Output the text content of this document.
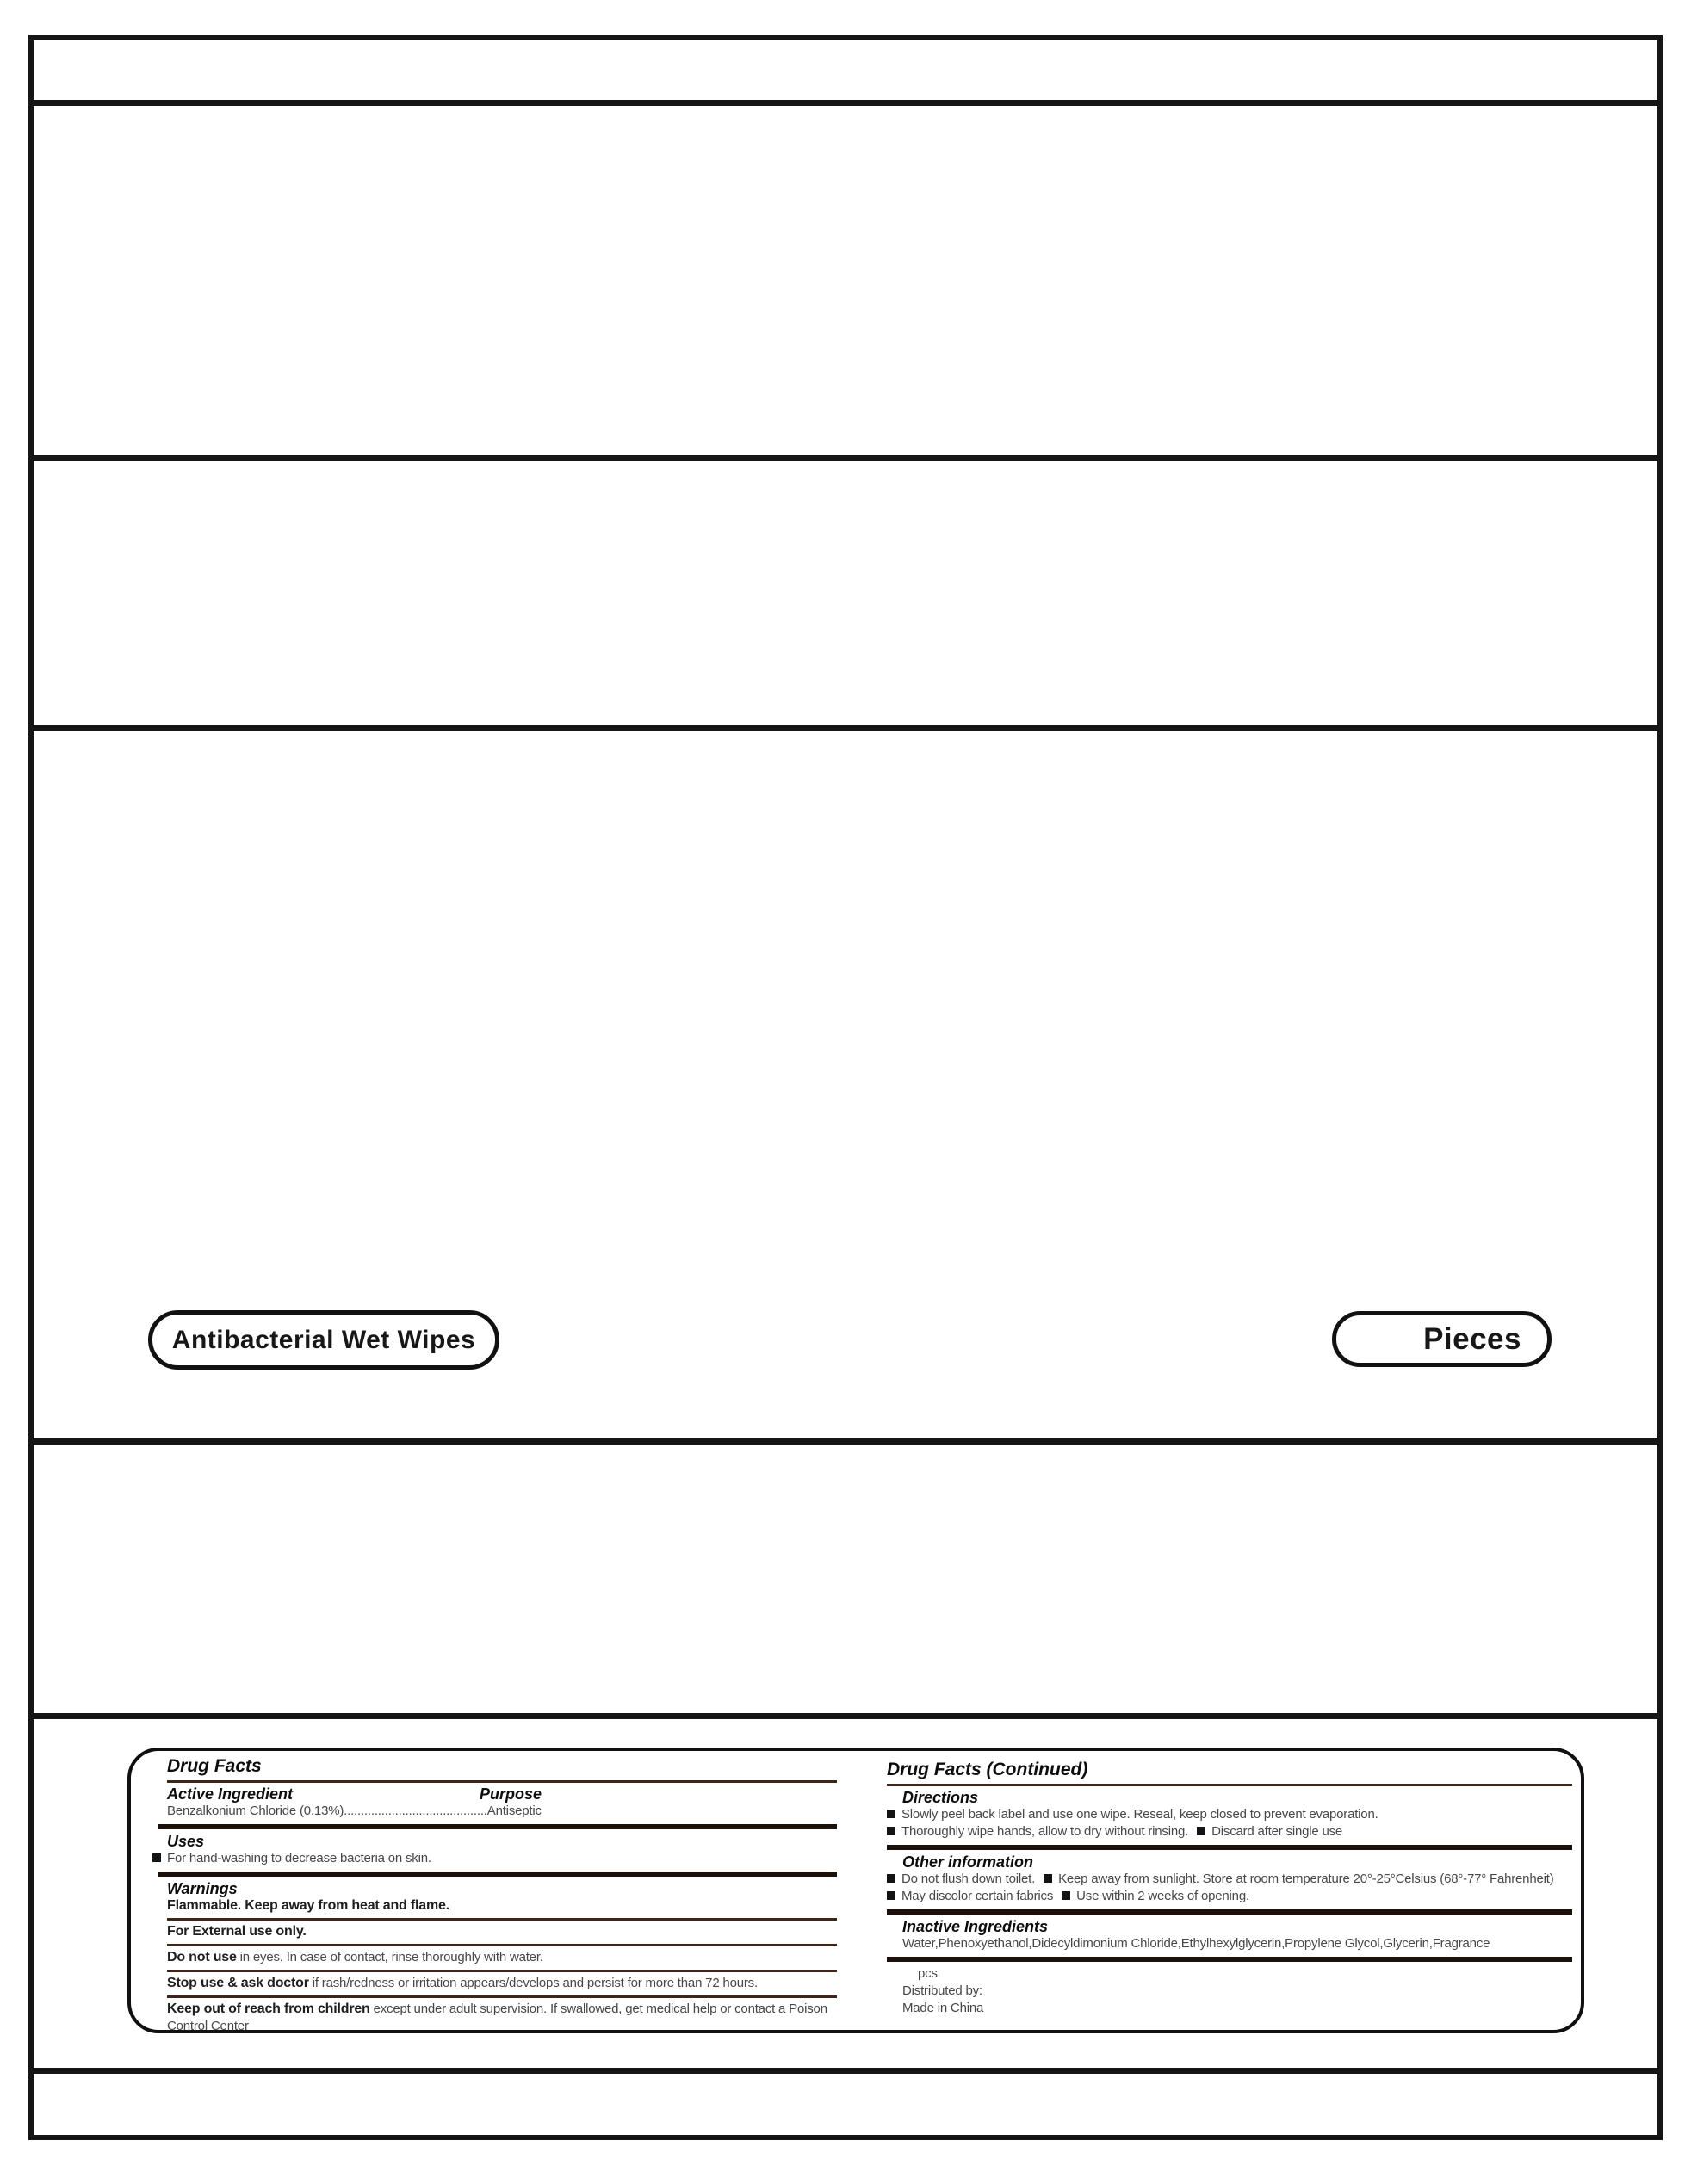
Antibacterial Wet Wipes	Pieces
Drug Facts
Active Ingredient	Purpose
Benzalkonium Chloride (0.13%)..........................................Antiseptic
Uses
For hand-washing to decrease bacteria on skin.
Warnings
Flammable. Keep away from heat and flame.
For External use only.
Do not use in eyes. In case of contact, rinse thoroughly with water.
Stop use & ask doctor if rash/redness or irritation appears/develops and persist for more than 72 hours.
Keep out of reach from children except under adult supervision. If swallowed, get medical help or contact a Poison Control Center
Drug Facts (Continued)
Directions
Slowly peel back label and use one wipe. Reseal, keep closed to prevent evaporation.
Thoroughly wipe hands, allow to dry without rinsing. Discard after single use
Other information
Do not flush down toilet. Keep away from sunlight. Store at room temperature 20°-25°Celsius (68°-77° Fahrenheit)
May discolor certain fabrics Use within 2 weeks of opening.
Inactive Ingredients
Water,Phenoxyethanol,Didecyldimonium Chloride,Ethylhexylglycerin,Propylene Glycol,Glycerin,Fragrance
pcs
Distributed by:
Made in China
